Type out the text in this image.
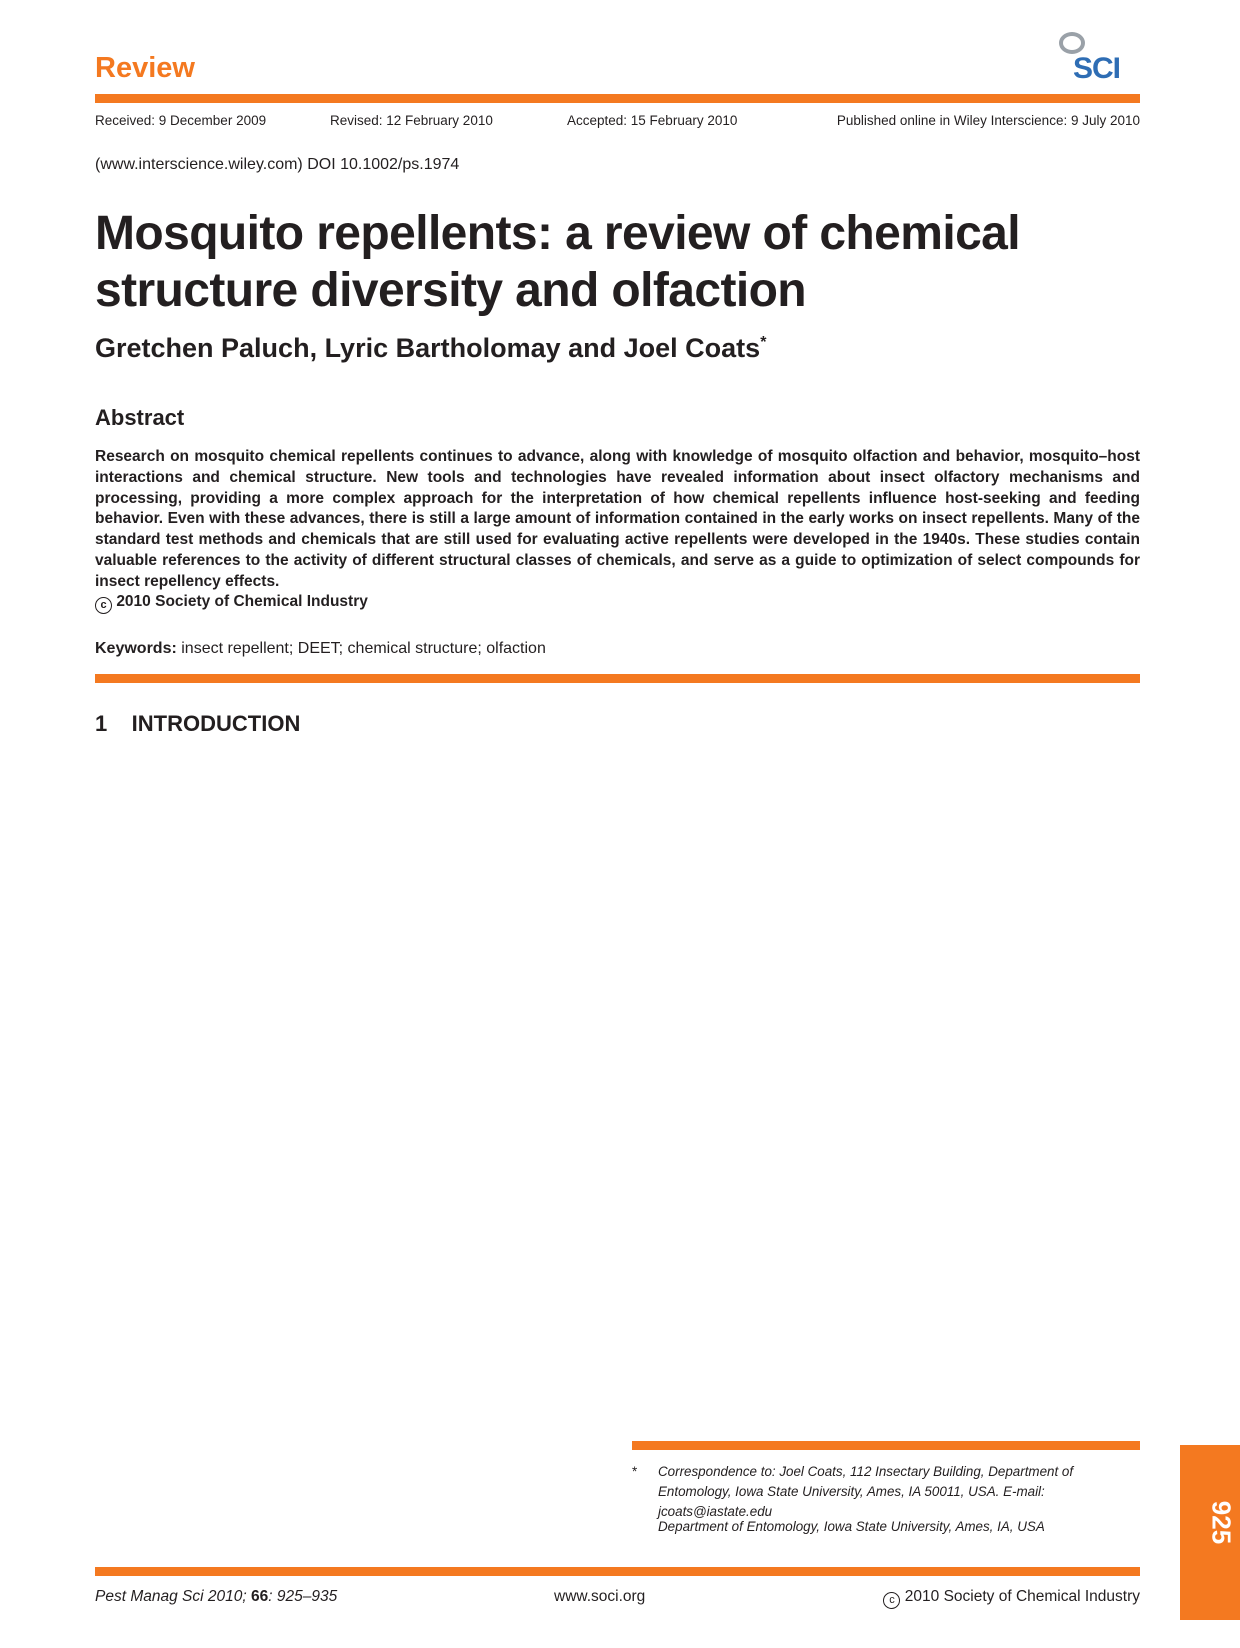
Review	SCI
Received: 9 December 2009	Revised: 12 February 2010	Accepted: 15 February 2010	Published online in Wiley Interscience: 9 July 2010
(www.interscience.wiley.com) DOI 10.1002/ps.1974
Mosquito repellents: a review of chemical structure diversity and olfaction
Gretchen Paluch, Lyric Bartholomay and Joel Coats*
Abstract

Research on mosquito chemical repellents continues to advance, along with knowledge of mosquito olfaction and behavior, mosquito–host interactions and chemical structure. New tools and technologies have revealed information about insect olfactory mechanisms and processing, providing a more complex approach for the interpretation of how chemical repellents influence host-seeking and feeding behavior. Even with these advances, there is still a large amount of information contained in the early works on insect repellents. Many of the standard test methods and chemicals that are still used for evaluating active repellents were developed in the 1940s. These studies contain valuable references to the activity of different structural classes of chemicals, and serve as a guide to optimization of select compounds for insect repellency effects.

c 2010 Society of Chemical Industry
Keywords: insect repellent; DEET; chemical structure; olfaction
1    INTRODUCTION
* Correspondence to: Joel Coats, 112 Insectary Building, Department of Entomology, Iowa State University, Ames, IA 50011, USA. E-mail: jcoats@iastate.edu
Department of Entomology, Iowa State University, Ames, IA, USA	925
Pest Manag Sci 2010; 66: 925–935	www.soci.org	c 2010 Society of Chemical Industry
